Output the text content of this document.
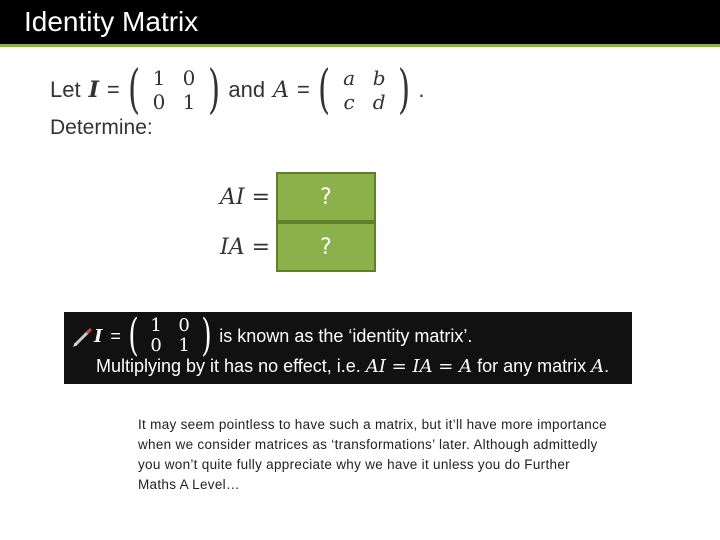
Identity Matrix
Let I = ( 1 0
0 1 ) and A = ( a b
c d ) .
Determine:
AI =	?
IA =	?
I = ( 1 0
0 1 ) is known as the ‘identity matrix’.
Multiplying by it has no effect, i.e. AI = IA = A for any matrix A.
It may seem pointless to have such a matrix, but it’ll have more importance when we consider matrices as ‘transformations’ later. Although admittedly you won’t quite fully appreciate why we have it unless you do Further Maths A Level…
